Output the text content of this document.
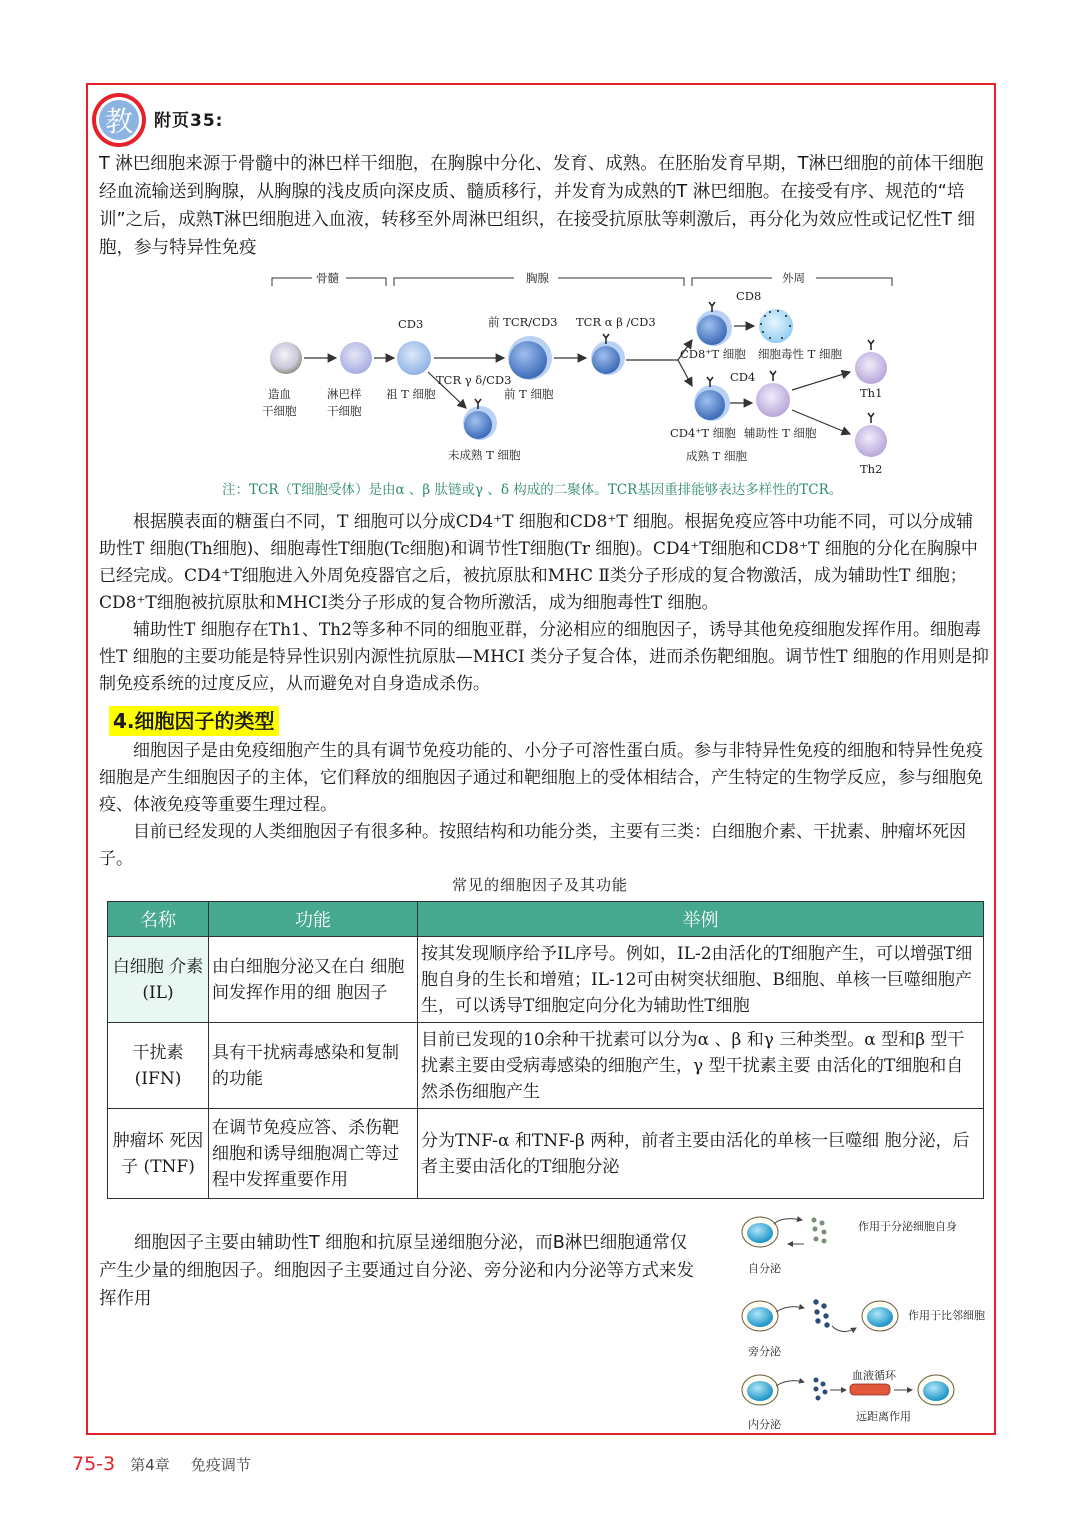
教	附页35:

T 淋巴细胞来源于骨髓中的淋巴样干细胞，在胸腺中分化、发育、成熟。在胚胎发育早期，T淋巴细胞的前体干细胞经血流输送到胸腺，从胸腺的浅皮质向深皮质、髓质移行，并发育为成熟的T 淋巴细胞。在接受有序、规范的“培训”之后，成熟T淋巴细胞进入血液，转移至外周淋巴组织，在接受抗原肽等刺激后，再分化为效应性或记忆性T 细胞，参与特异性免疫

骨髓	胸腺	外周
CD3	前 TCR/CD3 TCR α β /CD3
TCR γ δ/CD3
CD8
CD4
造血
干细胞
淋巴样
干细胞
祖 T 细胞	前 T 细胞
未成熟 T 细胞
CD8⁺T 细胞 细胞毒性 T 细胞
CD4⁺T 细胞 辅助性 T 细胞
成熟 T 细胞
Th1
Th2
注：TCR（T细胞受体）是由α 、β 肽链或γ 、δ 构成的二聚体。TCR基因重排能够表达多样性的TCR。

根据膜表面的糖蛋白不同，T 细胞可以分成CD4⁺T 细胞和CD8⁺T 细胞。根据免疫应答中功能不同，可以分成辅助性T 细胞(Th细胞)、细胞毒性T细胞(Tc细胞)和调节性T细胞(Tr 细胞)。CD4⁺T细胞和CD8⁺T 细胞的分化在胸腺中已经完成。CD4⁺T细胞进入外周免疫器官之后，被抗原肽和MHC Ⅱ类分子形成的复合物激活，成为辅助性T 细胞；CD8⁺T细胞被抗原肽和MHCI类分子形成的复合物所激活，成为细胞毒性T 细胞。

辅助性T 细胞存在Th1、Th2等多种不同的细胞亚群，分泌相应的细胞因子，诱导其他免疫细胞发挥作用。细胞毒性T 细胞的主要功能是特异性识别内源性抗原肽—MHCI 类分子复合体，进而杀伤靶细胞。调节性T 细胞的作用则是抑制免疫系统的过度反应，从而避免对自身造成杀伤。

4.细胞因子的类型

细胞因子是由免疫细胞产生的具有调节免疫功能的、小分子可溶性蛋白质。参与非特异性免疫的细胞和特异性免疫细胞是产生细胞因子的主体，它们释放的细胞因子通过和靶细胞上的受体相结合，产生特定的生物学反应，参与细胞免疫、体液免疫等重要生理过程。

目前已经发现的人类细胞因子有很多种。按照结构和功能分类，主要有三类：白细胞介素、干扰素、肿瘤坏死因子。

常见的细胞因子及其功能
名称	功能	举例
白细胞 介素 (IL)	由白细胞分泌又在白 细胞间发挥作用的细 胞因子	按其发现顺序给予IL序号。例如，IL-2由活化的T细胞产生，可以增强T细胞自身的生长和增殖；IL-12可由树突状细胞、B细胞、单核一巨噬细胞产生，可以诱导T细胞定向分化为辅助性T细胞
干扰素 (IFN)	具有干扰病毒感染和复制的功能	目前已发现的10余种干扰素可以分为α 、β 和γ 三种类型。α 型和β 型干扰素主要由受病毒感染的细胞产生，γ 型干扰素主要 由活化的T细胞和自然杀伤细胞产生
肿瘤坏 死因子 (TNF)	在调节免疫应答、杀伤靶细胞和诱导细胞凋亡等过程中发挥重要作用	分为TNF-α 和TNF-β 两种，前者主要由活化的单核一巨噬细 胞分泌，后者主要由活化的T细胞分泌

细胞因子主要由辅助性T 细胞和抗原呈递细胞分泌，而B淋巴细胞通常仅产生少量的细胞因子。细胞因子主要通过自分泌、旁分泌和内分泌等方式来发挥作用

作用于分泌细胞自身
自分泌
作用于比邻细胞
旁分泌
血液循环
远距离作用
内分泌
75-3 第4章 免疫调节
